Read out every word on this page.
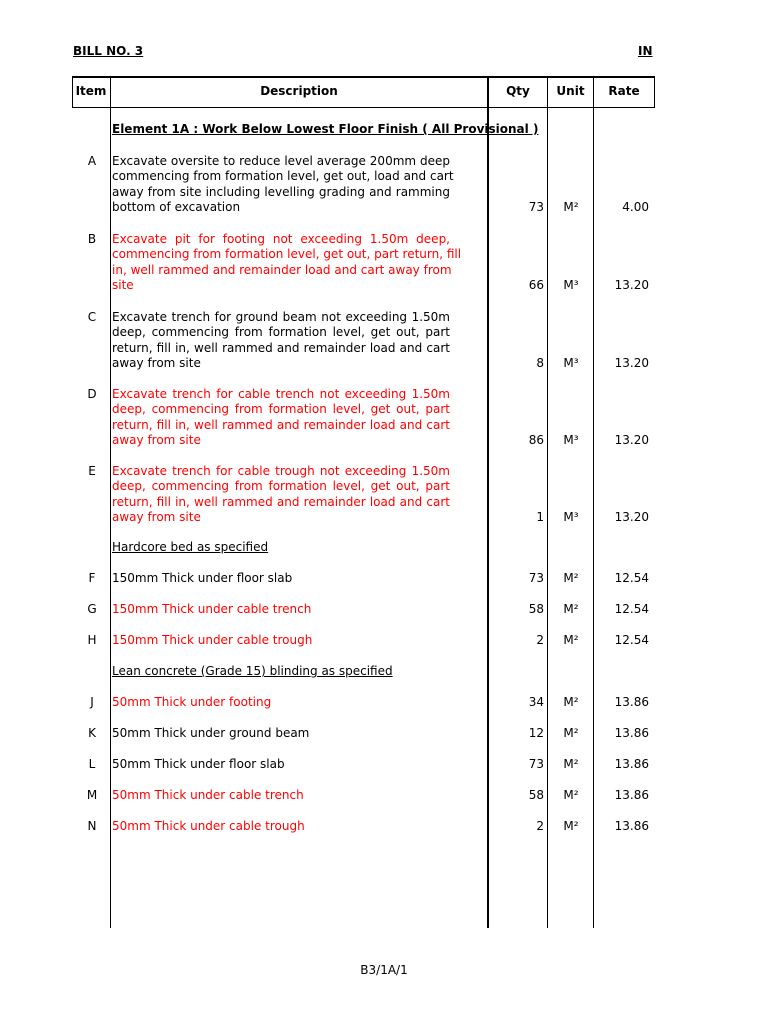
BILL NO. 3	IN
Item	Description	Qty	Unit	Rate
Element 1A : Work Below Lowest Floor Finish ( All Provisional )
A	Excavate oversite to reduce level average 200mm deep
commencing from formation level, get out, load and cart
away from site including levelling grading and ramming
bottom of excavation	73	M²	4.00
B	Excavate pit for footing not exceeding 1.50m deep,
commencing from formation level, get out, part return, fill
in, well rammed and remainder load and cart away from
site	66	M³	13.20
C	Excavate trench for ground beam not exceeding 1.50m
deep, commencing from formation level, get out, part
return, fill in, well rammed and remainder load and cart
away from site	8	M³	13.20
D	Excavate trench for cable trench not exceeding 1.50m
deep, commencing from formation level, get out, part
return, fill in, well rammed and remainder load and cart
away from site	86	M³	13.20
E	Excavate trench for cable trough not exceeding 1.50m
deep, commencing from formation level, get out, part
return, fill in, well rammed and remainder load and cart
away from site	1	M³	13.20
Hardcore bed as specified
F	150mm Thick under floor slab	73	M²	12.54
G	150mm Thick under cable trench	58	M²	12.54
H	150mm Thick under cable trough	2	M²	12.54
Lean concrete (Grade 15) blinding as specified
J	50mm Thick under footing	34	M²	13.86
K	50mm Thick under ground beam	12	M²	13.86
L	50mm Thick under floor slab	73	M²	13.86
M	50mm Thick under cable trench	58	M²	13.86
N	50mm Thick under cable trough	2	M²	13.86
B3/1A/1
